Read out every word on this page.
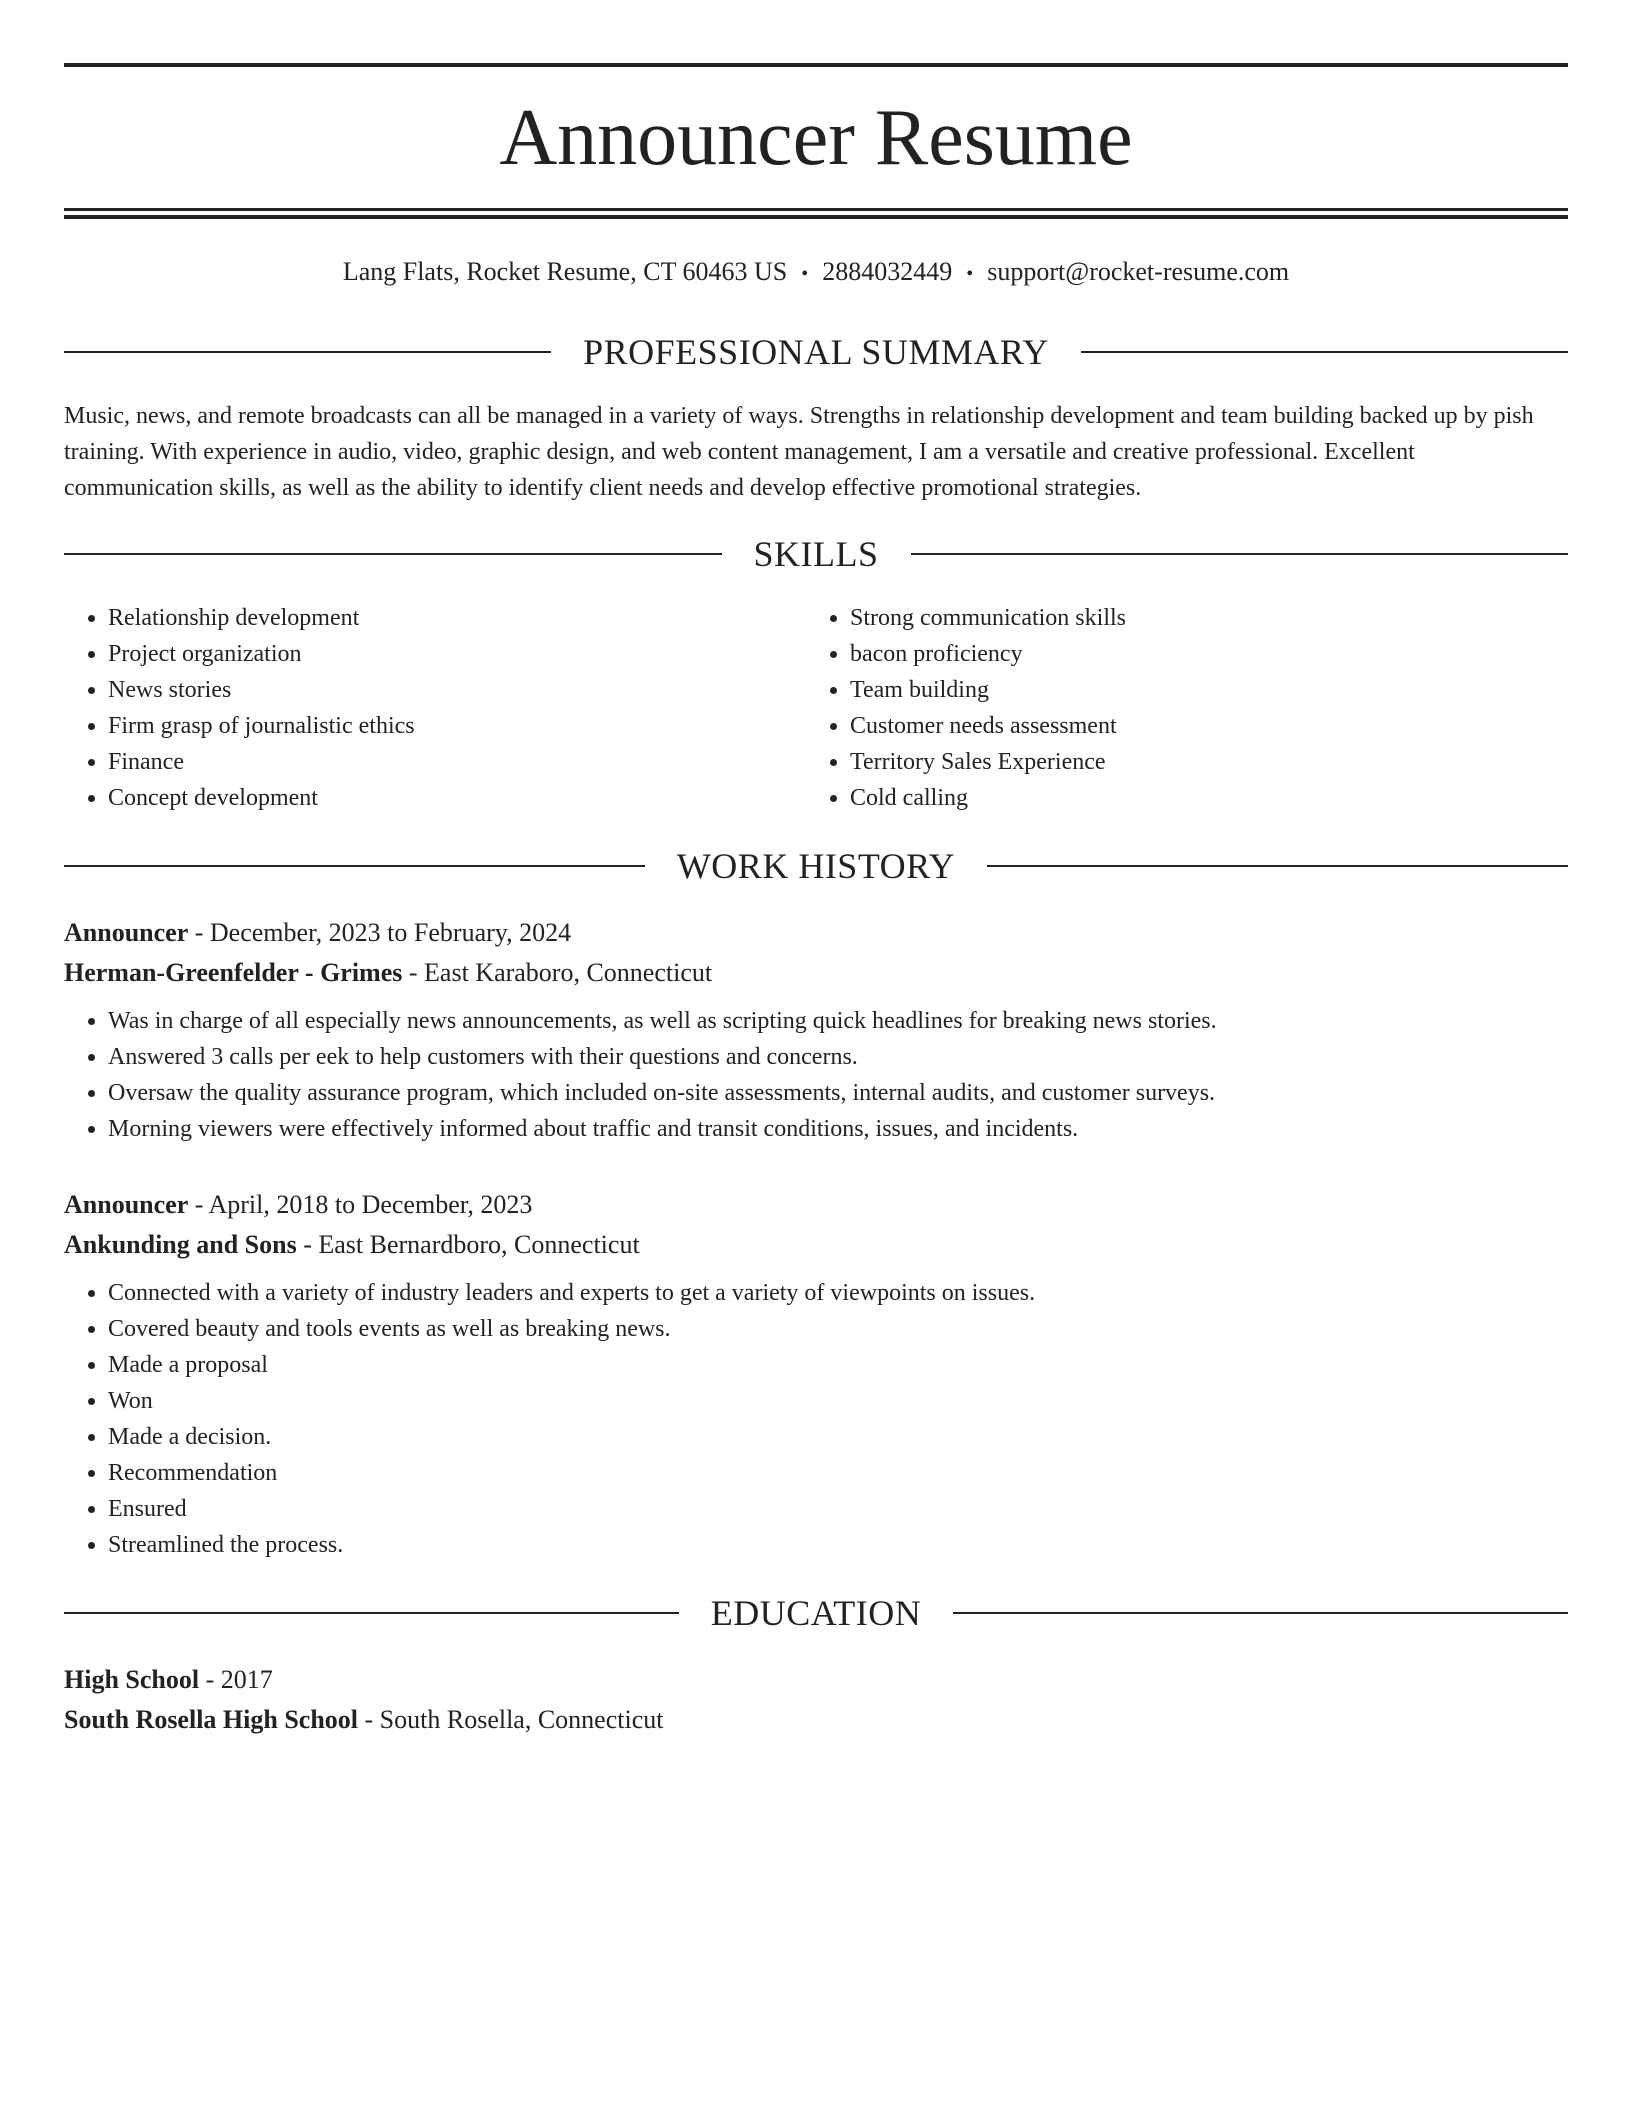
Announcer Resume
Lang Flats, Rocket Resume, CT 60463 US • 2884032449 • support@rocket-resume.com
PROFESSIONAL SUMMARY

Music, news, and remote broadcasts can all be managed in a variety of ways. Strengths in relationship development and team building backed up by pish training. With experience in audio, video, graphic design, and web content management, I am a versatile and creative professional. Excellent communication skills, as well as the ability to identify client needs and develop effective promotional strategies.

SKILLS
• Relationship development
• Project organization
• News stories
• Firm grasp of journalistic ethics
• Finance
• Concept development
• Strong communication skills
• bacon proficiency
• Team building
• Customer needs assessment
• Territory Sales Experience
• Cold calling
WORK HISTORY
Announcer - December, 2023 to February, 2024
Herman-Greenfelder - Grimes - East Karaboro, Connecticut
• Was in charge of all especially news announcements, as well as scripting quick headlines for breaking news stories.
• Answered 3 calls per eek to help customers with their questions and concerns.
• Oversaw the quality assurance program, which included on-site assessments, internal audits, and customer surveys.
• Morning viewers were effectively informed about traffic and transit conditions, issues, and incidents.
Announcer - April, 2018 to December, 2023
Ankunding and Sons - East Bernardboro, Connecticut
• Connected with a variety of industry leaders and experts to get a variety of viewpoints on issues.
• Covered beauty and tools events as well as breaking news.
• Made a proposal
• Won
• Made a decision.
• Recommendation
• Ensured
• Streamlined the process.
EDUCATION
High School - 2017
South Rosella High School - South Rosella, Connecticut
